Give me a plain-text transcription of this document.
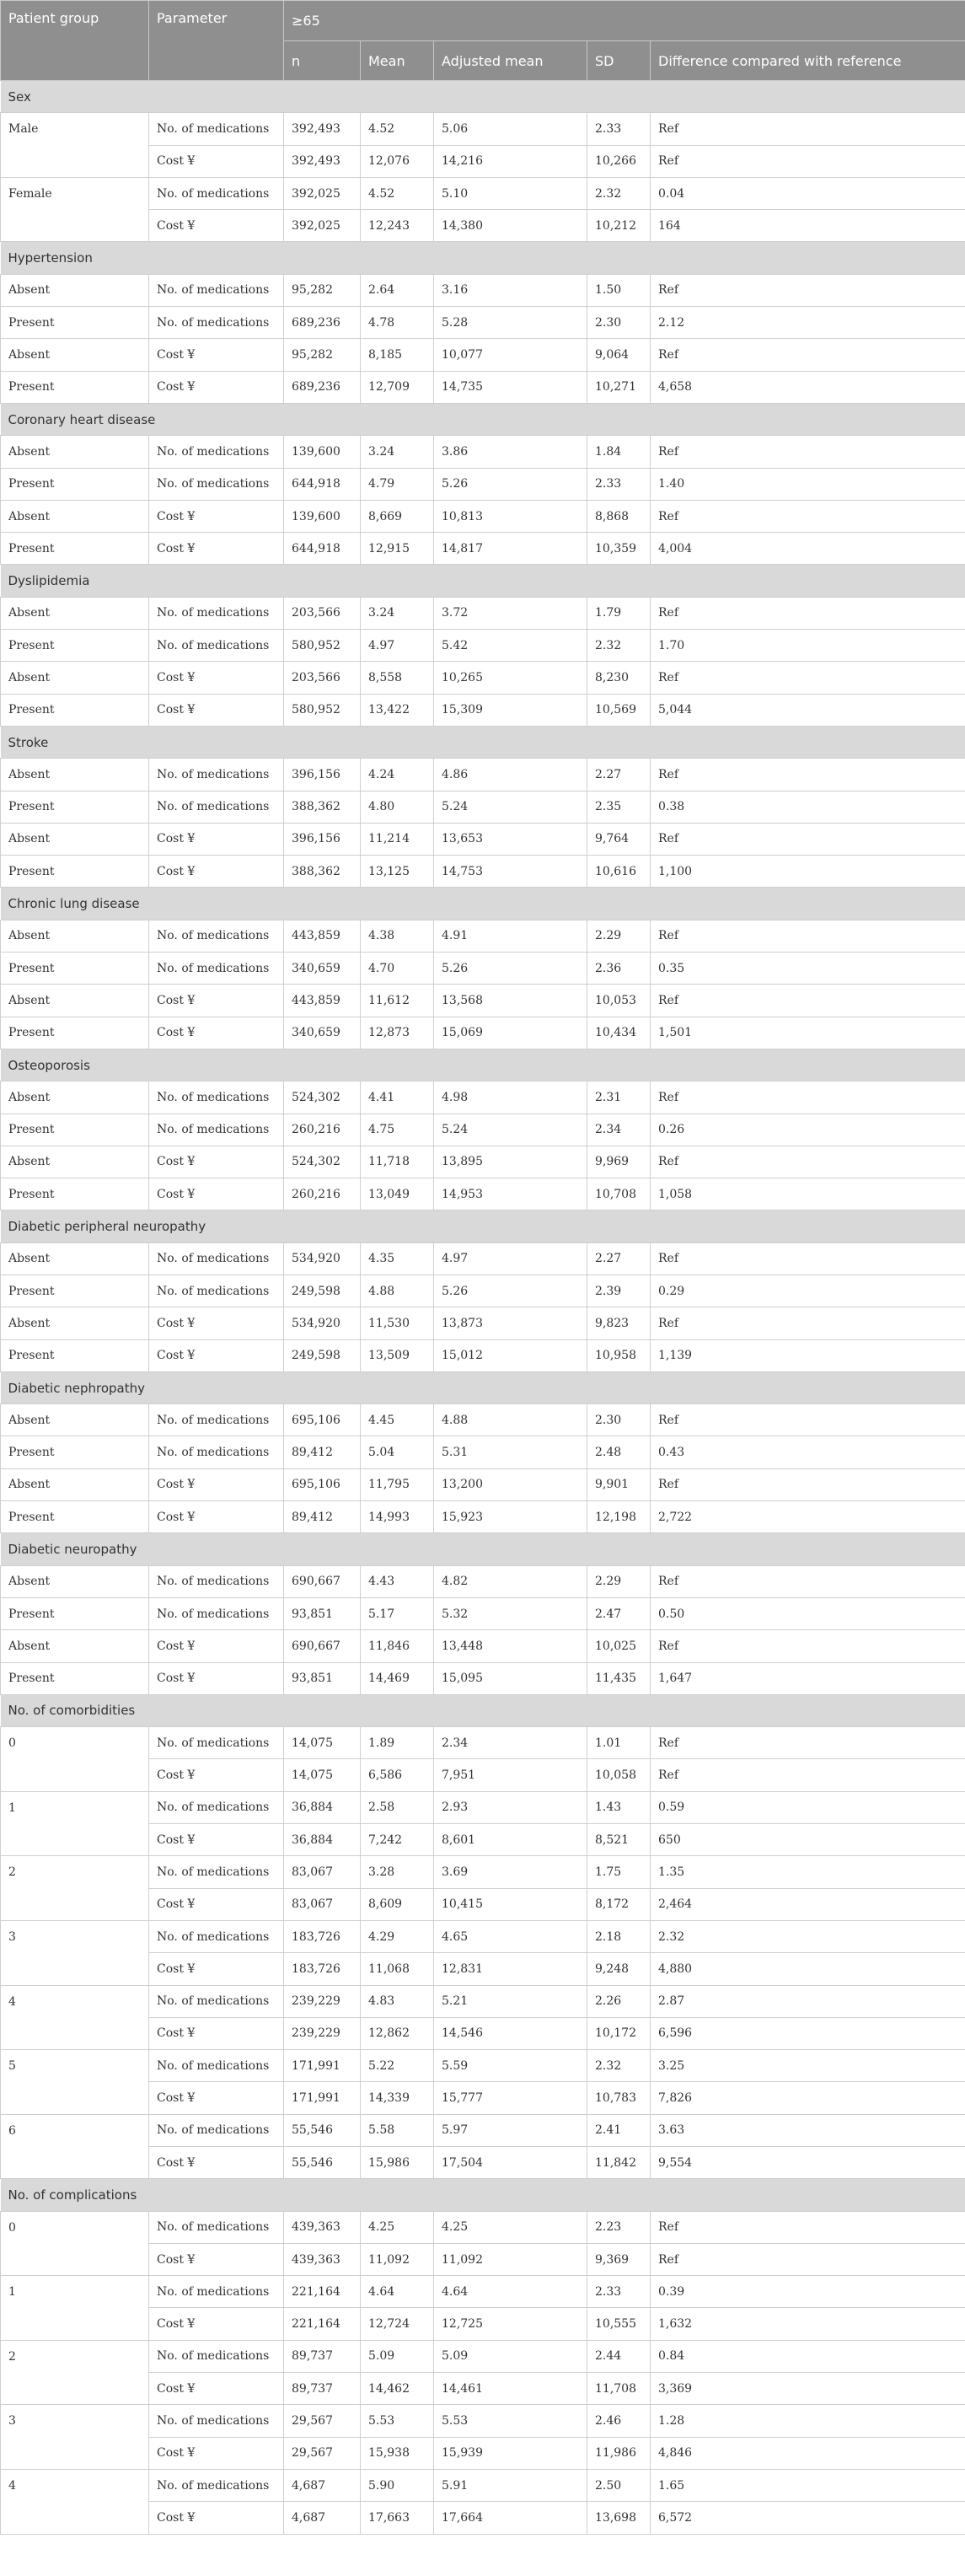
Patient group	Parameter	≥65				
		n	Mean	Adjusted mean	SD	Difference compared with reference
Sex						
Male	No. of medications	392,493	4.52	5.06	2.33	Ref
	Cost ¥	392,493	12,076	14,216	10,266	Ref
Female	No. of medications	392,025	4.52	5.10	2.32	0.04
	Cost ¥	392,025	12,243	14,380	10,212	164
Hypertension						
Absent	No. of medications	95,282	2.64	3.16	1.50	Ref
Present	No. of medications	689,236	4.78	5.28	2.30	2.12
Absent	Cost ¥	95,282	8,185	10,077	9,064	Ref
Present	Cost ¥	689,236	12,709	14,735	10,271	4,658
Coronary heart disease						
Absent	No. of medications	139,600	3.24	3.86	1.84	Ref
Present	No. of medications	644,918	4.79	5.26	2.33	1.40
Absent	Cost ¥	139,600	8,669	10,813	8,868	Ref
Present	Cost ¥	644,918	12,915	14,817	10,359	4,004
Dyslipidemia						
Absent	No. of medications	203,566	3.24	3.72	1.79	Ref
Present	No. of medications	580,952	4.97	5.42	2.32	1.70
Absent	Cost ¥	203,566	8,558	10,265	8,230	Ref
Present	Cost ¥	580,952	13,422	15,309	10,569	5,044
Stroke						
Absent	No. of medications	396,156	4.24	4.86	2.27	Ref
Present	No. of medications	388,362	4.80	5.24	2.35	0.38
Absent	Cost ¥	396,156	11,214	13,653	9,764	Ref
Present	Cost ¥	388,362	13,125	14,753	10,616	1,100
Chronic lung disease						
Absent	No. of medications	443,859	4.38	4.91	2.29	Ref
Present	No. of medications	340,659	4.70	5.26	2.36	0.35
Absent	Cost ¥	443,859	11,612	13,568	10,053	Ref
Present	Cost ¥	340,659	12,873	15,069	10,434	1,501
Osteoporosis						
Absent	No. of medications	524,302	4.41	4.98	2.31	Ref
Present	No. of medications	260,216	4.75	5.24	2.34	0.26
Absent	Cost ¥	524,302	11,718	13,895	9,969	Ref
Present	Cost ¥	260,216	13,049	14,953	10,708	1,058
Diabetic peripheral neuropathy						
Absent	No. of medications	534,920	4.35	4.97	2.27	Ref
Present	No. of medications	249,598	4.88	5.26	2.39	0.29
Absent	Cost ¥	534,920	11,530	13,873	9,823	Ref
Present	Cost ¥	249,598	13,509	15,012	10,958	1,139
Diabetic nephropathy						
Absent	No. of medications	695,106	4.45	4.88	2.30	Ref
Present	No. of medications	89,412	5.04	5.31	2.48	0.43
Absent	Cost ¥	695,106	11,795	13,200	9,901	Ref
Present	Cost ¥	89,412	14,993	15,923	12,198	2,722
Diabetic neuropathy						
Absent	No. of medications	690,667	4.43	4.82	2.29	Ref
Present	No. of medications	93,851	5.17	5.32	2.47	0.50
Absent	Cost ¥	690,667	11,846	13,448	10,025	Ref
Present	Cost ¥	93,851	14,469	15,095	11,435	1,647
No. of comorbidities						
0	No. of medications	14,075	1.89	2.34	1.01	Ref
	Cost ¥	14,075	6,586	7,951	10,058	Ref
1	No. of medications	36,884	2.58	2.93	1.43	0.59
	Cost ¥	36,884	7,242	8,601	8,521	650
2	No. of medications	83,067	3.28	3.69	1.75	1.35
	Cost ¥	83,067	8,609	10,415	8,172	2,464
3	No. of medications	183,726	4.29	4.65	2.18	2.32
	Cost ¥	183,726	11,068	12,831	9,248	4,880
4	No. of medications	239,229	4.83	5.21	2.26	2.87
	Cost ¥	239,229	12,862	14,546	10,172	6,596
5	No. of medications	171,991	5.22	5.59	2.32	3.25
	Cost ¥	171,991	14,339	15,777	10,783	7,826
6	No. of medications	55,546	5.58	5.97	2.41	3.63
	Cost ¥	55,546	15,986	17,504	11,842	9,554
No. of complications						
0	No. of medications	439,363	4.25	4.25	2.23	Ref
	Cost ¥	439,363	11,092	11,092	9,369	Ref
1	No. of medications	221,164	4.64	4.64	2.33	0.39
	Cost ¥	221,164	12,724	12,725	10,555	1,632
2	No. of medications	89,737	5.09	5.09	2.44	0.84
	Cost ¥	89,737	14,462	14,461	11,708	3,369
3	No. of medications	29,567	5.53	5.53	2.46	1.28
	Cost ¥	29,567	15,938	15,939	11,986	4,846
4	No. of medications	4,687	5.90	5.91	2.50	1.65
	Cost ¥	4,687	17,663	17,664	13,698	6,572
